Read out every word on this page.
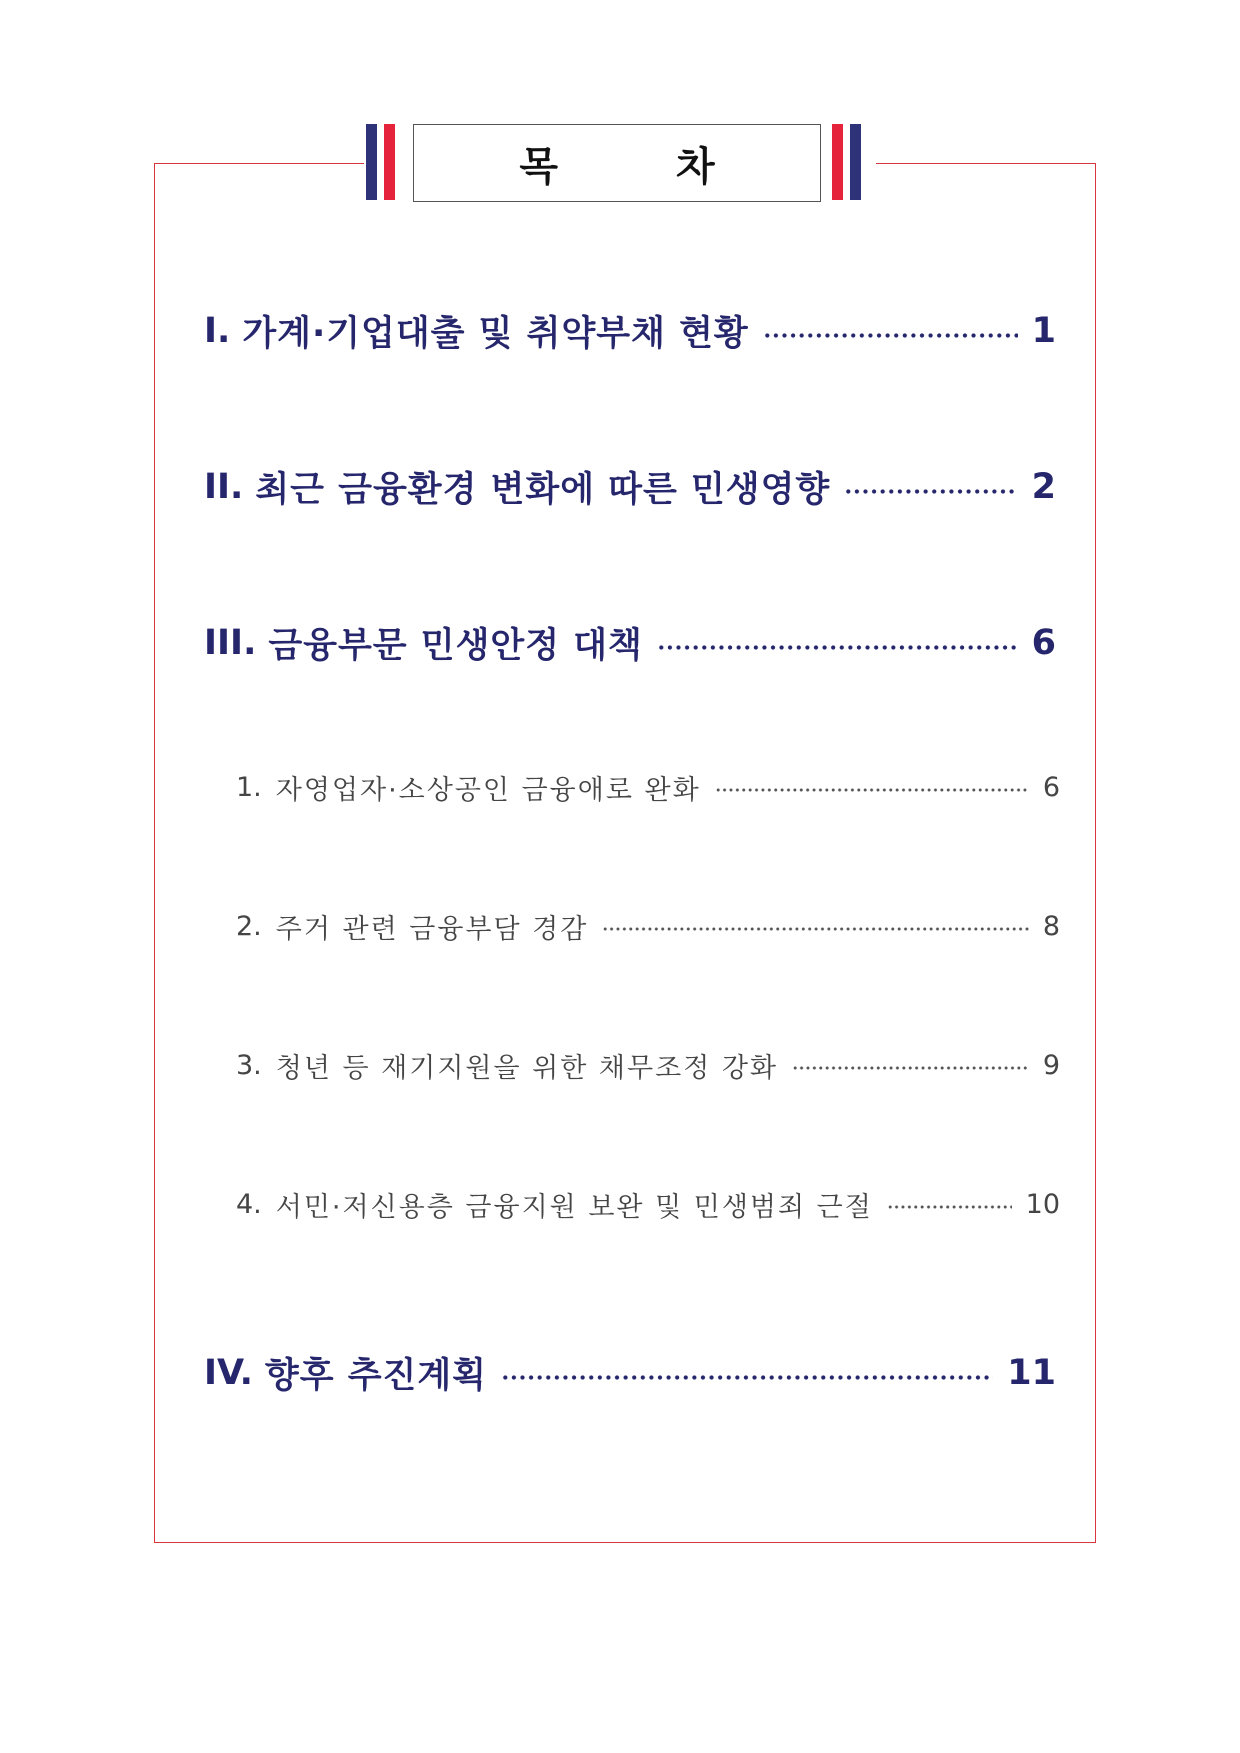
목 차
I. 가계·기업대출 및 취약부채 현황	1
II. 최근 금융환경 변화에 따른 민생영향	2
III. 금융부문 민생안정 대책	6
1. 자영업자·소상공인 금융애로 완화	6
2. 주거 관련 금융부담 경감	8
3. 청년 등 재기지원을 위한 채무조정 강화	9
4. 서민·저신용층 금융지원 보완 및 민생범죄 근절	10
IV. 향후 추진계획	11
